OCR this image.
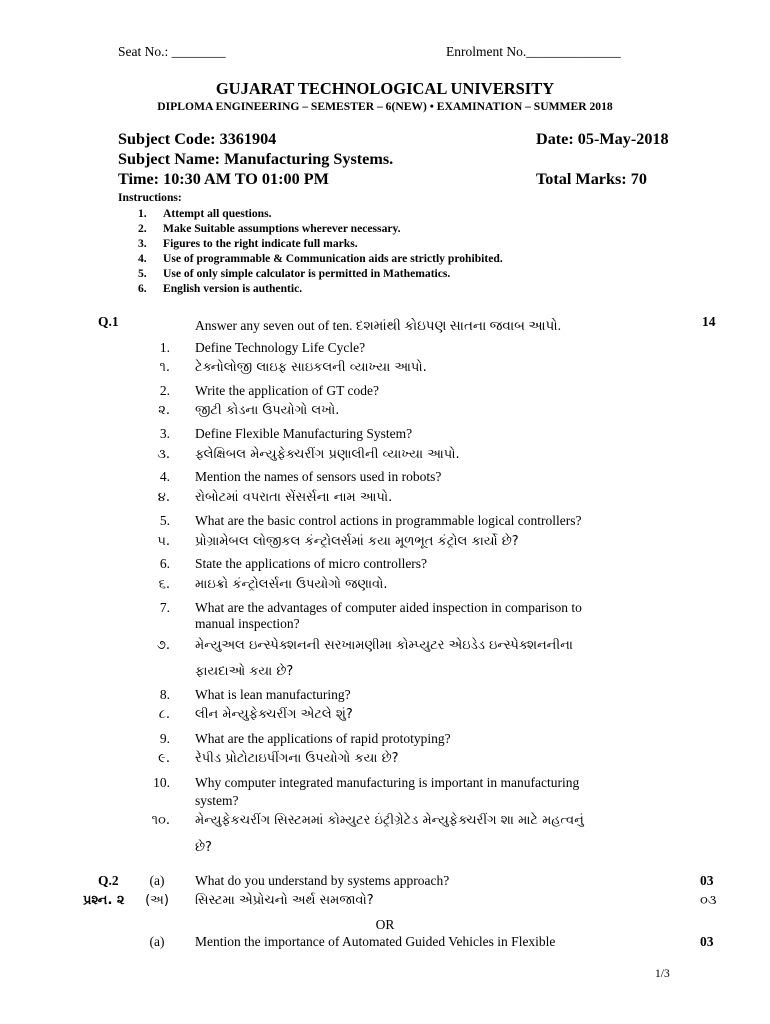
Seat No.: ________	Enrolment No.______________
GUJARAT TECHNOLOGICAL UNIVERSITY
DIPLOMA ENGINEERING – SEMESTER – 6(NEW) • EXAMINATION – SUMMER 2018
Subject Code: 3361904	Date: 05-May-2018
Subject Name: Manufacturing Systems.
Time: 10:30 AM TO 01:00 PM	Total Marks: 70
Instructions:
1. Attempt all questions.
2. Make Suitable assumptions wherever necessary.
3. Figures to the right indicate full marks.
4. Use of programmable & Communication aids are strictly prohibited.
5. Use of only simple calculator is permitted in Mathematics.
6. English version is authentic.
Q.1	14
Answer any seven out of ten. દશમાંથી કોઇપણ સાતના જવાબ આપો.
1. Define Technology Life Cycle?
૧. ટેક્નોલોજી લાઇફ સાઇકલની વ્યાખ્યા આપો.
2. Write the application of GT code?
૨. જીટી કોડના ઉપયોગો લખો.
3. Define Flexible Manufacturing System?
૩. ફ્લેક્ષિબલ મેન્યુફેક્ચરીંગ પ્રણાલીની વ્યાખ્યા આપો.
4. Mention the names of sensors used in robots?
૪. રોબોટમાં વપરાતા સેંસર્સના નામ આપો.
5. What are the basic control actions in programmable logical controllers?
૫. પ્રોગ્રામેબલ લોજીકલ કંન્ટ્રોલર્સમાં કયા મૂળભૂત કંટ્રોલ કાર્યો છે?
6. State the applications of micro controllers?
૬. માઇક્રો કંન્ટ્રોલર્સના ઉપયોગો જણાવો.
7. What are the advantages of computer aided inspection in comparison to
manual inspection?
૭. મેન્યુઅલ ઇન્સ્પેક્શનની સરખામણીમા કોમ્પ્યુટર એઇડેડ ઇન્સ્પેક્શનનીના
ફાયદાઓ કયા છે?
8. What is lean manufacturing?
૮. લીન મેન્યુફેક્ચરીંગ એટલે શું?
9. What are the applications of rapid prototyping?
૯. રેપીડ પ્રોટોટાઇપીંગના ઉપયોગો કયા છે?
10. Why computer integrated manufacturing is important in manufacturing
system?
૧૦. મેન્યુફેકચરીંગ સિસ્ટમમાં કોમ્યુટર ઇંટ્રીગ્રેટેડ મેન્યુફેક્ચરીંગ શા માટે મહત્વનું
છે?
Q.2	(a)	What do you understand by systems approach?	03
પ્રશ્ન. ૨	(અ)	સિસ્ટમા એપ્રોચનો અર્થ સમજાવો?	૦૩
OR
(a)	Mention the importance of Automated Guided Vehicles in Flexible	03
1/3
